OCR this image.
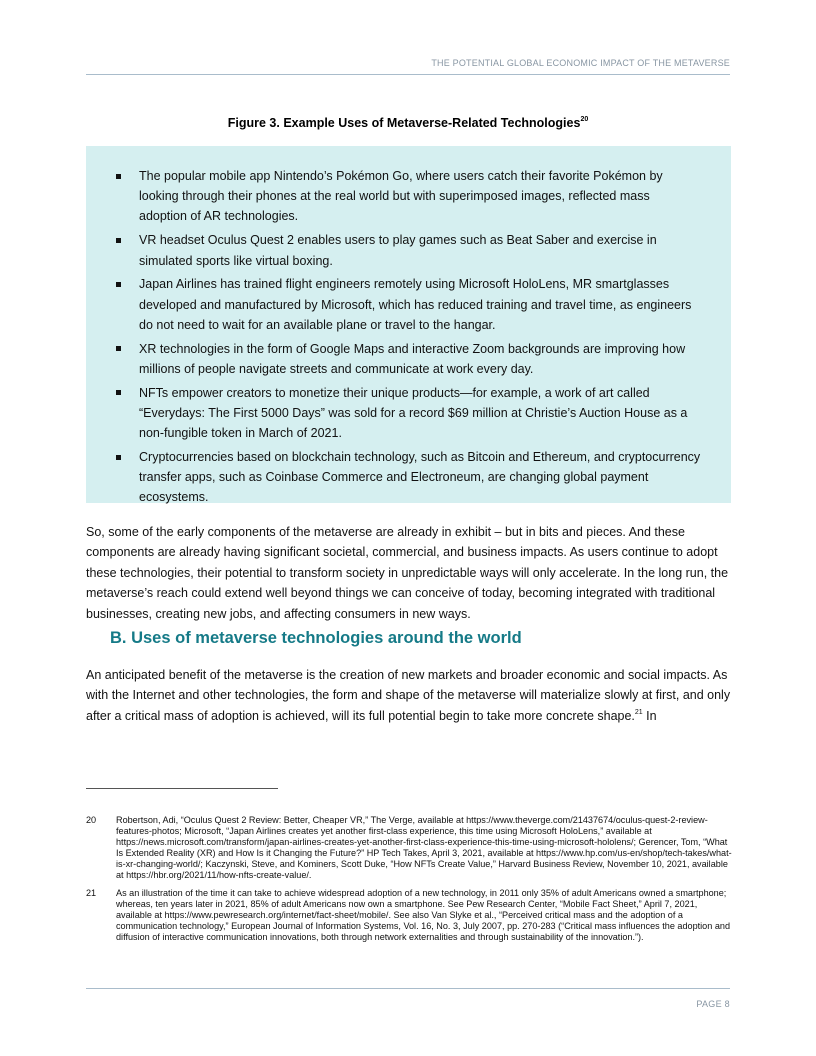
THE POTENTIAL GLOBAL ECONOMIC IMPACT OF THE METAVERSE
Figure 3. Example Uses of Metaverse-Related Technologies$^{20}$
The popular mobile app Nintendo’s Pokémon Go, where users catch their favorite Pokémon by looking through their phones at the real world but with superimposed images, reflected mass adoption of AR technologies.
VR headset Oculus Quest 2 enables users to play games such as Beat Saber and exercise in simulated sports like virtual boxing.
Japan Airlines has trained flight engineers remotely using Microsoft HoloLens, MR smartglasses developed and manufactured by Microsoft, which has reduced training and travel time, as engineers do not need to wait for an available plane or travel to the hangar.
XR technologies in the form of Google Maps and interactive Zoom backgrounds are improving how millions of people navigate streets and communicate at work every day.
NFTs empower creators to monetize their unique products—for example, a work of art called “Everydays: The First 5000 Days” was sold for a record $69 million at Christie’s Auction House as a non-fungible token in March of 2021.
Cryptocurrencies based on blockchain technology, such as Bitcoin and Ethereum, and cryptocurrency transfer apps, such as Coinbase Commerce and Electroneum, are changing global payment ecosystems.

So, some of the early components of the metaverse are already in exhibit – but in bits and pieces. And these components are already having significant societal, commercial, and business impacts. As users continue to adopt these technologies, their potential to transform society in unpredictable ways will only accelerate. In the long run, the metaverse’s reach could extend well beyond things we can conceive of today, becoming integrated with traditional businesses, creating new jobs, and affecting consumers in new ways.

B. Uses of metaverse technologies around the world

An anticipated benefit of the metaverse is the creation of new markets and broader economic and social impacts. As with the Internet and other technologies, the form and shape of the metaverse will materialize slowly at first, and only after a critical mass of adoption is achieved, will its full potential begin to take more concrete shape.$^{21}$ In

20 Robertson, Adi, “Oculus Quest 2 Review: Better, Cheaper VR,” The Verge, available at https://www.theverge.com/21437674/oculus-quest-2-review-features-photos; Microsoft, “Japan Airlines creates yet another first-class experience, this time using Microsoft HoloLens,” available at https://news.microsoft.com/transform/japan-airlines-creates-yet-another-first-class-experience-this-time-using-microsoft-hololens/; Gerencer, Tom, “What Is Extended Reality (XR) and How Is it Changing the Future?” HP Tech Takes, April 3, 2021, available at https://www.hp.com/us-en/shop/tech-takes/what-is-xr-changing-world/; Kaczynski, Steve, and Kominers, Scott Duke, “How NFTs Create Value,” Harvard Business Review, November 10, 2021, available at https://hbr.org/2021/11/how-nfts-create-value/.
21 As an illustration of the time it can take to achieve widespread adoption of a new technology, in 2011 only 35% of adult Americans owned a smartphone; whereas, ten years later in 2021, 85% of adult Americans now own a smartphone. See Pew Research Center, “Mobile Fact Sheet,” April 7, 2021, available at https://www.pewresearch.org/internet/fact-sheet/mobile/. See also Van Slyke et al., “Perceived critical mass and the adoption of a communication technology,” European Journal of Information Systems, Vol. 16, No. 3, July 2007, pp. 270-283 (“Critical mass influences the adoption and diffusion of interactive communication innovations, both through network externalities and through sustainability of the innovation.”).
PAGE 8
